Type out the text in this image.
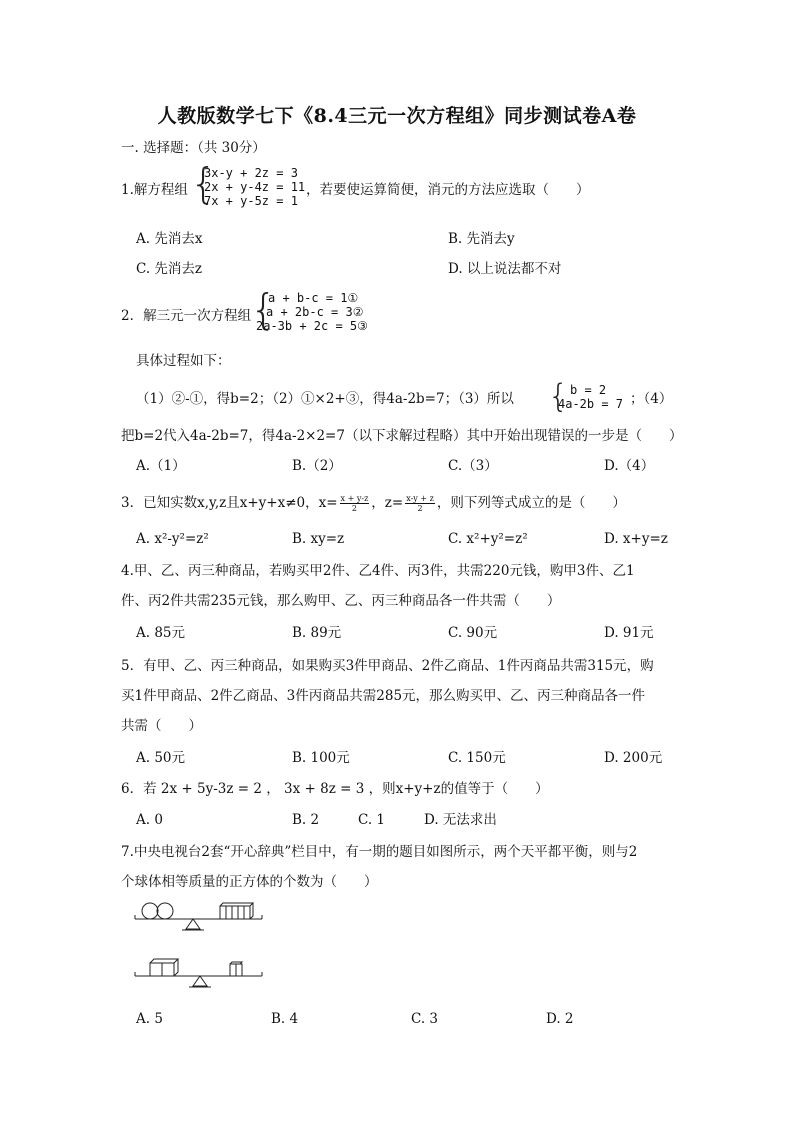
人教版数学七下《8.4三元一次方程组》同步测试卷A卷
一. 选择题：（共 30分）
1.解方程组 {
3x-y + 2z = 3
2x + y-4z = 11
7x + y-5z = 1
，若要使运算简便，消元的方法应选取（　　）
A. 先消去x	B. 先消去y
C. 先消去z	D. 以上说法都不对
2．解三元一次方程组
{
a + b-c = 1①
a + 2b-c = 3②
2a-3b + 2c = 5③
具体过程如下：
（1）②-①，得b=2；（2）①×2+③，得4a-2b=7；（3）所以 { b = 2
4a-2b = 7 ；（4）
把b=2代入4a-2b=7，得4a-2×2=7（以下求解过程略）其中开始出现错误的一步是（　　）
A.（1）	B.（2）	C.（3）	D.（4）
3．已知实数x,y,z且x+y+x≠0，$x= \frac{x + y-z}{2}$ ，$z= \frac{x-y + z}{2}$ ，则下列等式成立的是（　　）
A. x²-y²=z²	B. xy=z	C. x²+y²=z²	D. x+y=z
4.甲、乙、丙三种商品，若购买甲2件、乙4件、丙3件，共需220元钱，购甲3件、乙1
件、丙2件共需235元钱，那么购甲、乙、丙三种商品各一件共需（　　）
A. 85元	B. 89元	C. 90元	D. 91元
5．有甲、乙、丙三种商品，如果购买3件甲商品、2件乙商品、1件丙商品共需315元，购
买1件甲商品、2件乙商品、3件丙商品共需285元，那么购买甲、乙、丙三种商品各一件
共需（　　）
A. 50元	B. 100元	C. 150元	D. 200元
6．若 2x + 5y-3z = 2 ， 3x + 8z = 3 ，则x+y+z的值等于（　　）
A. 0	B. 2	C. 1	D. 无法求出
7.中央电视台2套“开心辞典”栏目中，有一期的题目如图所示，两个天平都平衡，则与2
个球体相等质量的正方体的个数为（　　）
A. 5	B. 4	C. 3	D. 2
